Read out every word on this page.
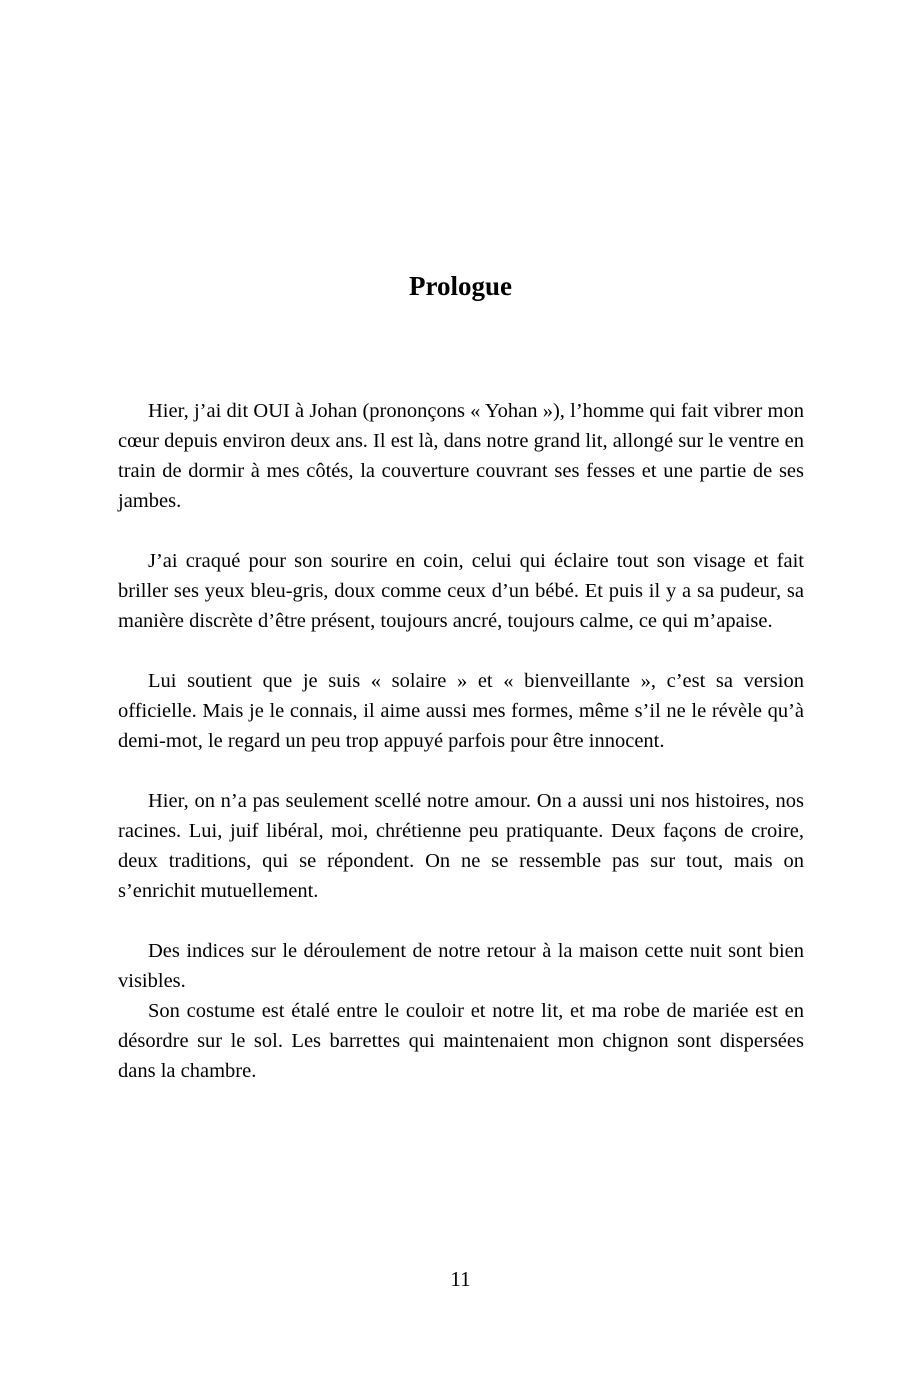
Prologue

Hier, j’ai dit OUI à Johan (prononçons « Yohan »), l’homme qui fait vibrer mon cœur depuis environ deux ans. Il est là, dans notre grand lit, allongé sur le ventre en train de dormir à mes côtés, la couverture couvrant ses fesses et une partie de ses jambes.

J’ai craqué pour son sourire en coin, celui qui éclaire tout son visage et fait briller ses yeux bleu-gris, doux comme ceux d’un bébé. Et puis il y a sa pudeur, sa manière discrète d’être présent, toujours ancré, toujours calme, ce qui m’apaise.

Lui soutient que je suis « solaire » et « bienveillante », c’est sa version officielle. Mais je le connais, il aime aussi mes formes, même s’il ne le révèle qu’à demi-mot, le regard un peu trop appuyé parfois pour être innocent.

Hier, on n’a pas seulement scellé notre amour. On a aussi uni nos histoires, nos racines. Lui, juif libéral, moi, chrétienne peu pratiquante. Deux façons de croire, deux traditions, qui se répondent. On ne se ressemble pas sur tout, mais on s’enrichit mutuellement.

Des indices sur le déroulement de notre retour à la maison cette nuit sont bien visibles.

Son costume est étalé entre le couloir et notre lit, et ma robe de mariée est en désordre sur le sol. Les barrettes qui maintenaient mon chignon sont dispersées dans la chambre.

11
